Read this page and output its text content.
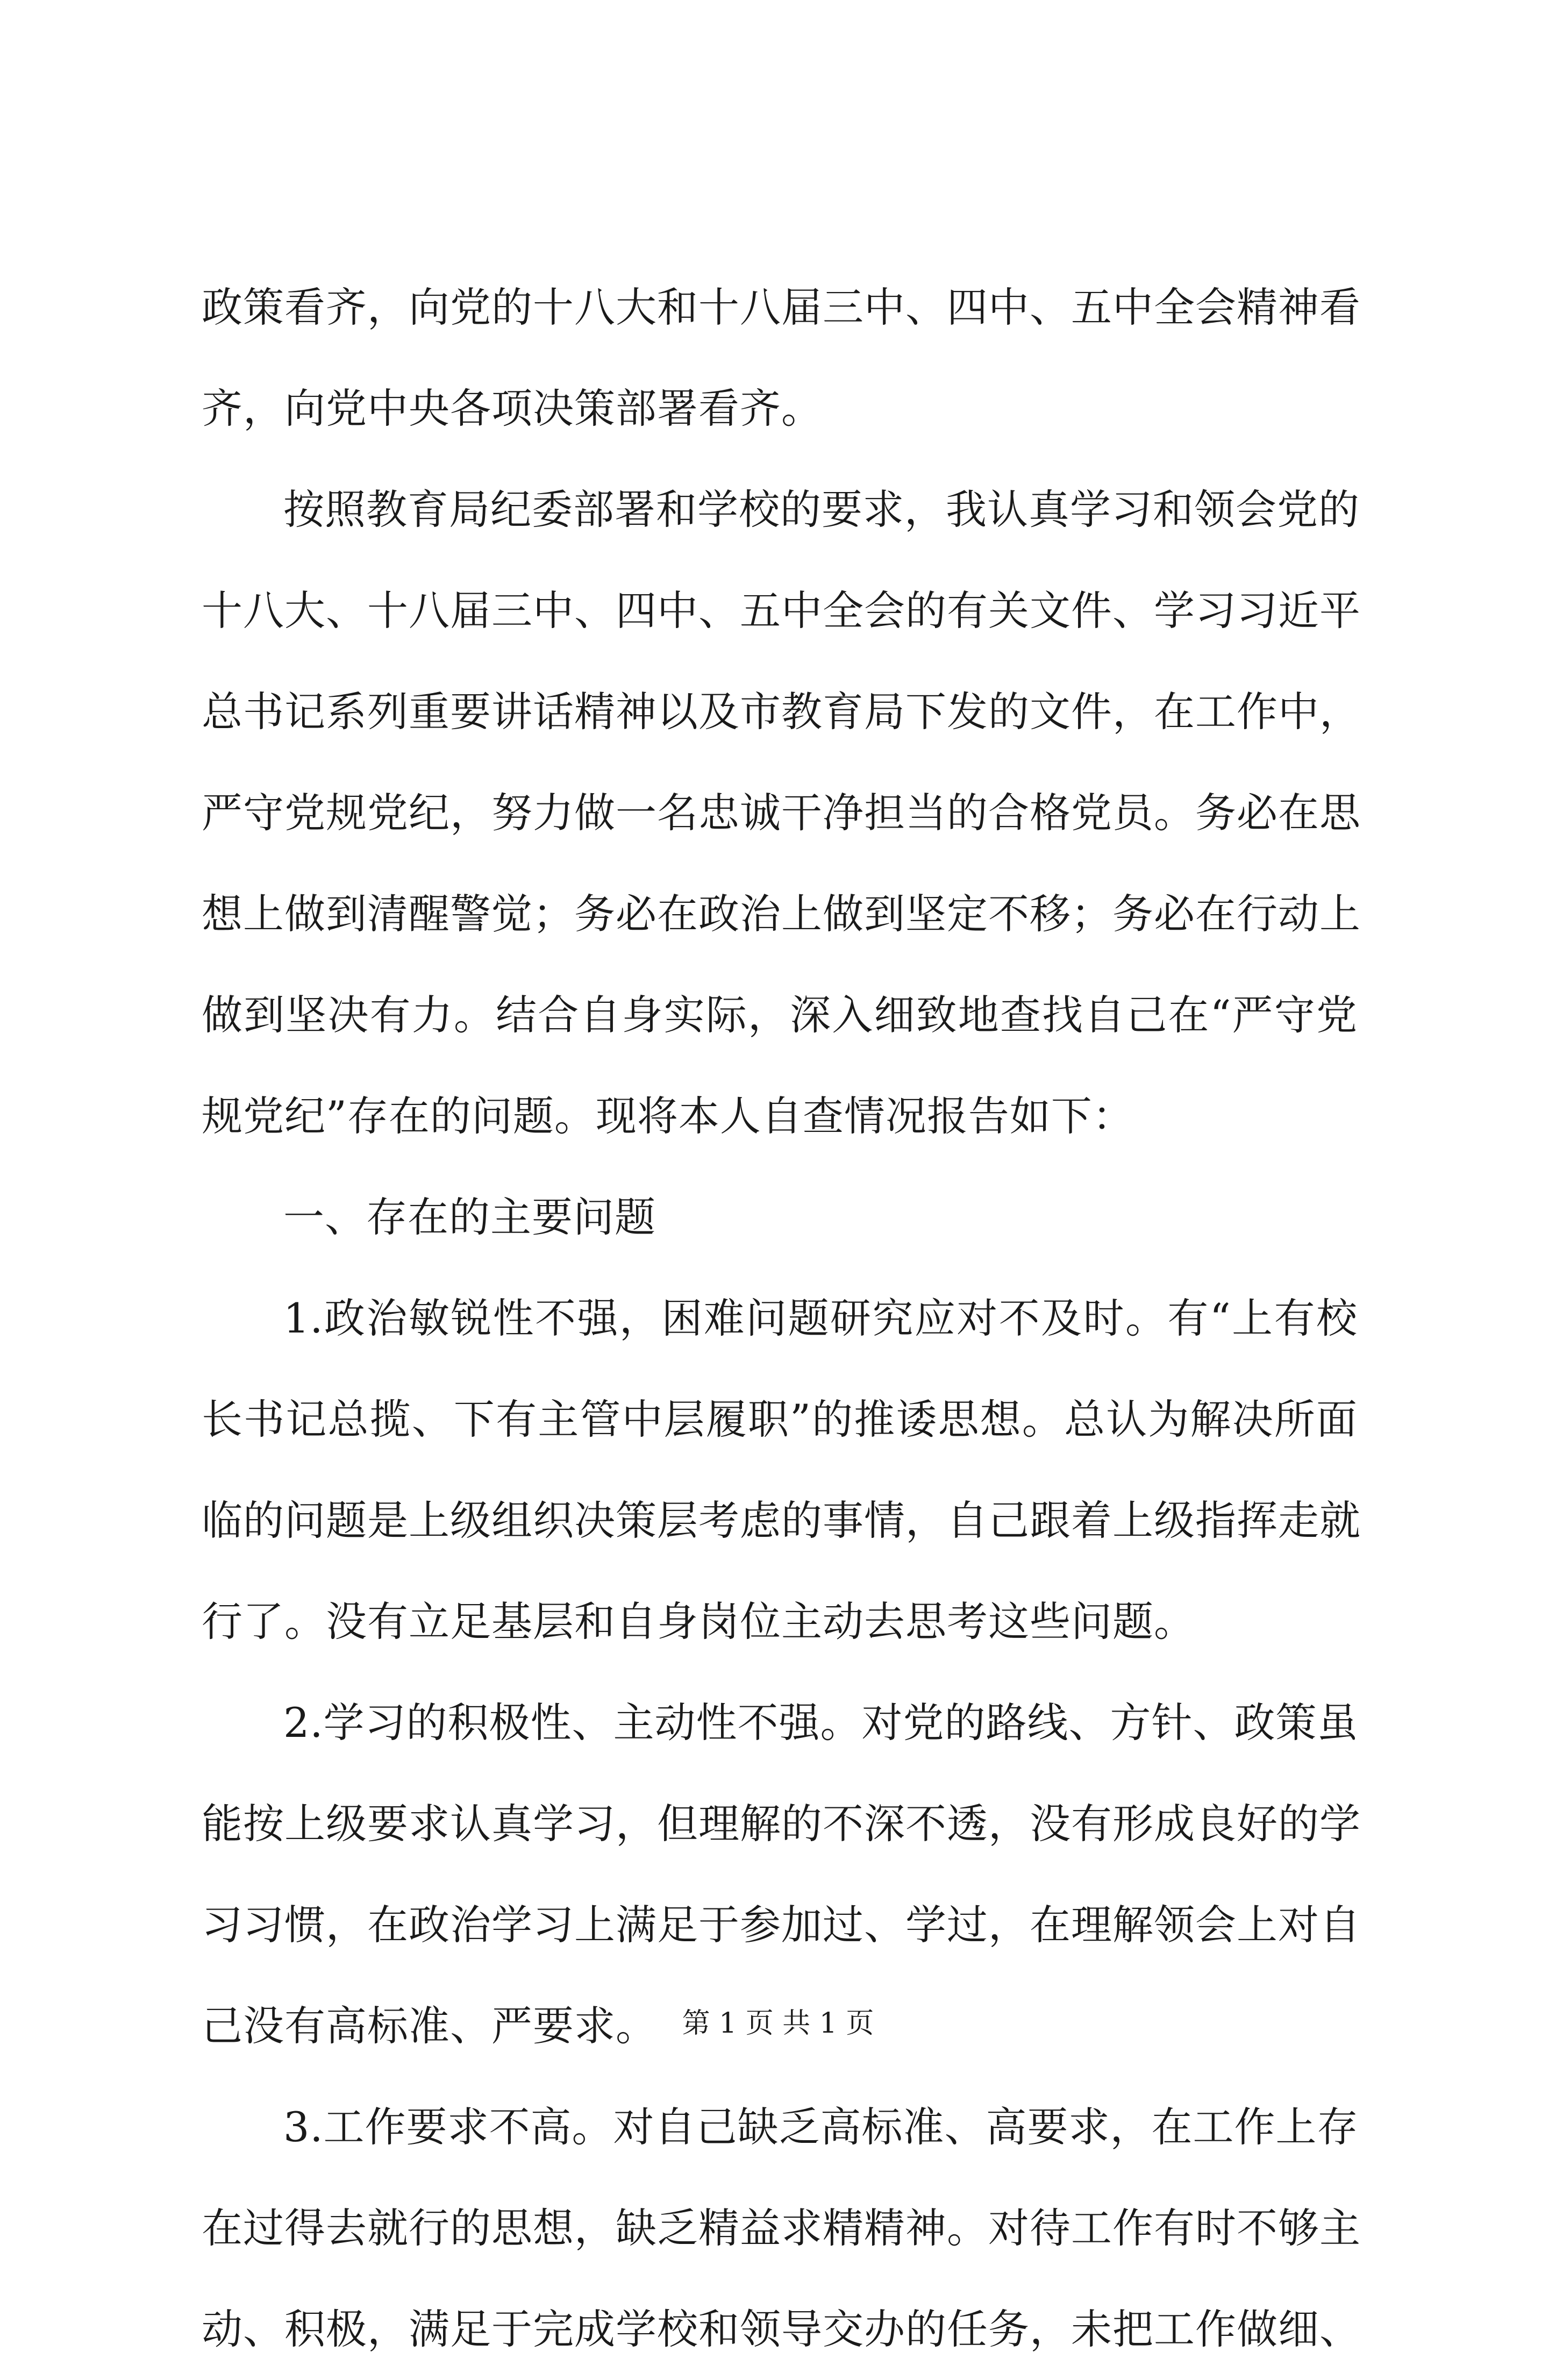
政策看齐，向党的十八大和十八届三中、四中、五中全会精神看
齐，向党中央各项决策部署看齐。
按照教育局纪委部署和学校的要求，我认真学习和领会党的
十八大、十八届三中、四中、五中全会的有关文件、学习习近平
总书记系列重要讲话精神以及市教育局下发的文件，在工作中，
严守党规党纪，努力做一名忠诚干净担当的合格党员。务必在思
想上做到清醒警觉；务必在政治上做到坚定不移；务必在行动上
做到坚决有力。结合自身实际，深入细致地查找自己在“严守党
规党纪”存在的问题。现将本人自查情况报告如下：
一、存在的主要问题
1.政治敏锐性不强，困难问题研究应对不及时。有“上有校
长书记总揽、下有主管中层履职”的推诿思想。总认为解决所面
临的问题是上级组织决策层考虑的事情，自己跟着上级指挥走就
行了。没有立足基层和自身岗位主动去思考这些问题。
2.学习的积极性、主动性不强。对党的路线、方针、政策虽
能按上级要求认真学习，但理解的不深不透，没有形成良好的学
习习惯，在政治学习上满足于参加过、学过，在理解领会上对自
己没有高标准、严要求。
3.工作要求不高。对自己缺乏高标准、高要求，在工作上存
在过得去就行的思想，缺乏精益求精精神。对待工作有时不够主
动、积极，满足于完成学校和领导交办的任务，未把工作做细、
第 1 页 共 1 页
